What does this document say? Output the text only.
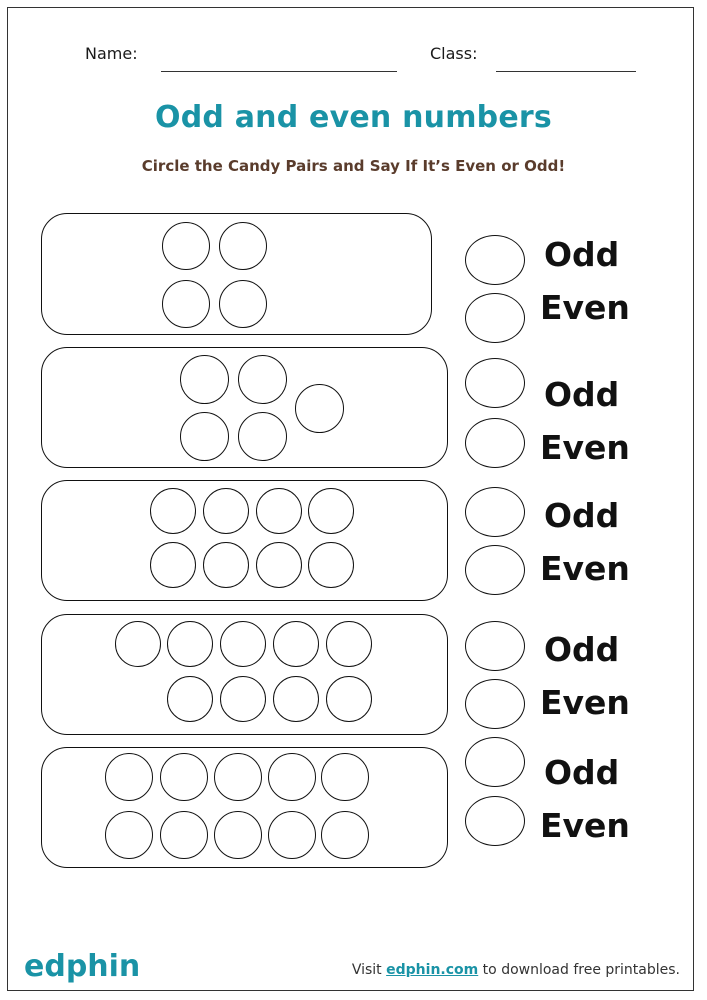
Name:	Class:
Odd and even numbers
Circle the Candy Pairs and Say If It’s Even or Odd!
Odd
Even
Odd
Even
Odd
Even
Odd
Even
Odd
Even
edphin	Visit edphin.com to download free printables.
